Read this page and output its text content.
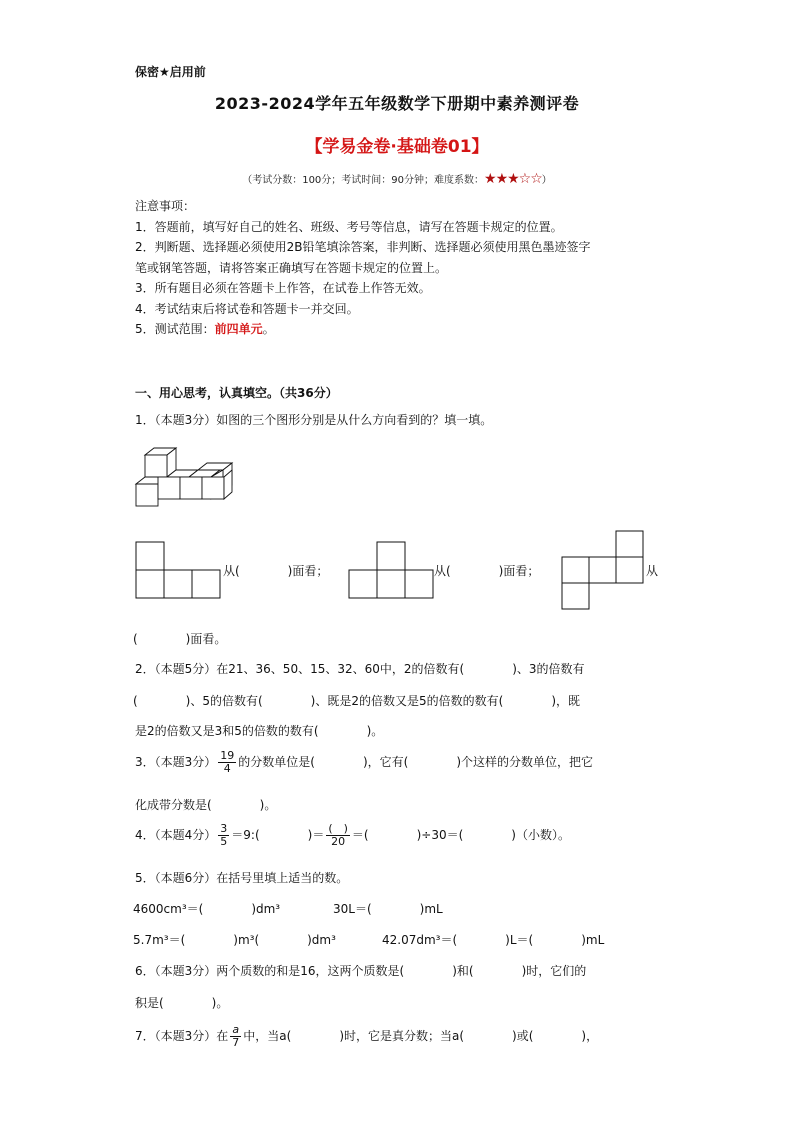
保密★启用前
2023-2024学年五年级数学下册期中素养测评卷
【学易金卷·基础卷01】
（考试分数：100分；考试时间：90分钟；难度系数：★★★☆☆）
注意事项：
1．答题前，填写好自己的姓名、班级、考号等信息，请写在答题卡规定的位置。
2．判断题、选择题必须使用2B铅笔填涂答案，非判断、选择题必须使用黑色墨迹签字
笔或钢笔答题，请将答案正确填写在答题卡规定的位置上。
3．所有题目必须在答题卡上作答，在试卷上作答无效。
4．考试结束后将试卷和答题卡一并交回。
5．测试范围：前四单元。
一、用心思考，认真填空。（共36分）
1．（本题3分）如图的三个图形分别是从什么方向看到的？填一填。
从(　　　　)面看；	从(　　　　)面看；	从
(　　　　)面看。
2．（本题5分）在21、36、50、15、32、60中，2的倍数有(　　　　)、3的倍数有
(　　　　)、5的倍数有(　　　　)、既是2的倍数又是5的倍数的数有(　　　　)，既
是2的倍数又是3和5的倍数的数有(　　　　)。
3．（本题3分） $\frac{19}{4}$ 的分数单位是(　　　　)，它有(　　　　)个这样的分数单位，把它
化成带分数是(　　　　)。
4．（本题4分） $\frac{3}{5}$ ＝9:(　　　　)＝ $\frac{( )}{20}$ ＝(　　　　)÷30＝(　　　　)（小数）。
5．（本题6分）在括号里填上适当的数。
4600cm³＝(　　　　)dm³	30L＝(　　　　)mL
5.7m³＝(　　　　)m³(　　　　)dm³	42.07dm³＝(　　　　)L＝(　　　　)mL
6．（本题3分）两个质数的和是16，这两个质数是(　　　　)和(　　　　)时，它们的
积是(　　　　)。
7．（本题3分）在 $\frac{a}{7}$ 中，当a(　　　　)时，它是真分数；当a(　　　　)或(　　　　)，
